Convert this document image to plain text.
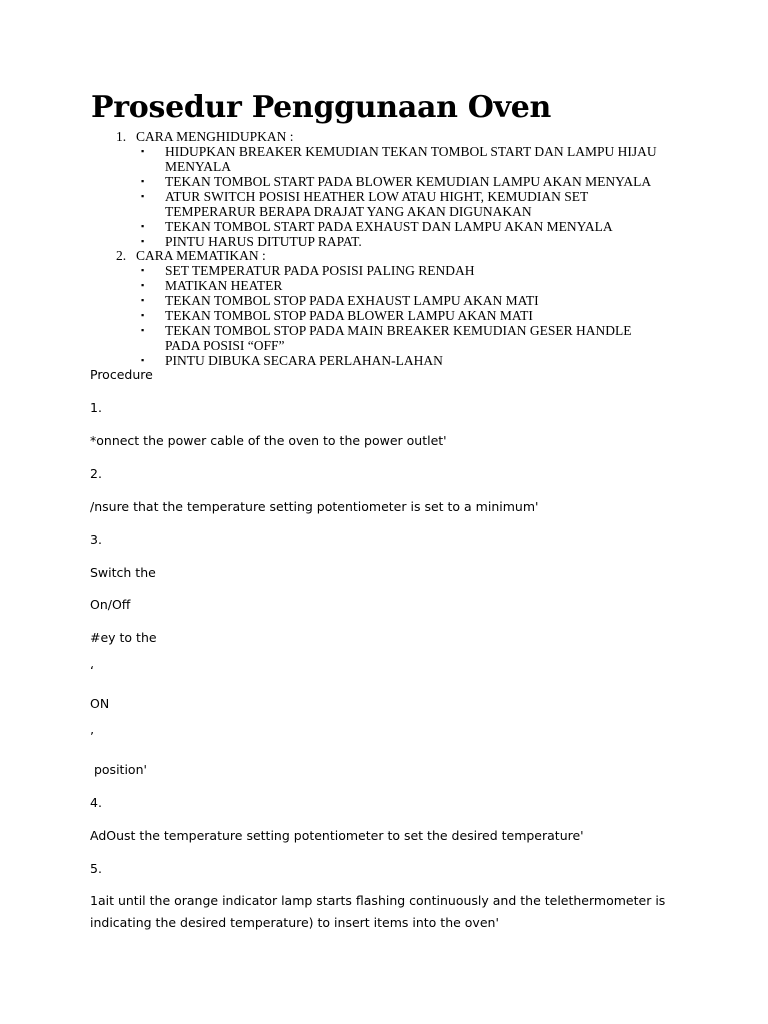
Prosedur Penggunaan Oven
1. CARA MENGHIDUPKAN :
▪	HIDUPKAN BREAKER KEMUDIAN TEKAN TOMBOL START DAN LAMPU HIJAU MENYALA
▪	TEKAN TOMBOL START PADA BLOWER KEMUDIAN LAMPU AKAN MENYALA
▪	ATUR SWITCH POSISI HEATHER LOW ATAU HIGHT, KEMUDIAN SET TEMPERARUR BERAPA DRAJAT YANG AKAN DIGUNAKAN
▪	TEKAN TOMBOL START PADA EXHAUST DAN LAMPU AKAN MENYALA
▪	PINTU HARUS DITUTUP RAPAT.
2. CARA MEMATIKAN :
▪	SET TEMPERATUR PADA POSISI PALING RENDAH
▪	MATIKAN HEATER
▪	TEKAN TOMBOL STOP PADA EXHAUST LAMPU AKAN MATI
▪	TEKAN TOMBOL STOP PADA BLOWER LAMPU AKAN MATI
▪	TEKAN TOMBOL STOP PADA MAIN BREAKER KEMUDIAN GESER HANDLE PADA POSISI “OFF”
▪	PINTU DIBUKA SECARA PERLAHAN-LAHAN
Procedure
1.
*onnect the power cable of the oven to the power outlet'
2.
/nsure that the temperature setting potentiometer is set to a minimum'
3.
Switch the
On/Off
#ey to the
‘
ON
’
position'
4.
AdOust the temperature setting potentiometer to set the desired temperature'
5.
1ait until the orange indicator lamp starts flashing continuously and the telethermometer is indicating the desired temperature) to insert items into the oven'
